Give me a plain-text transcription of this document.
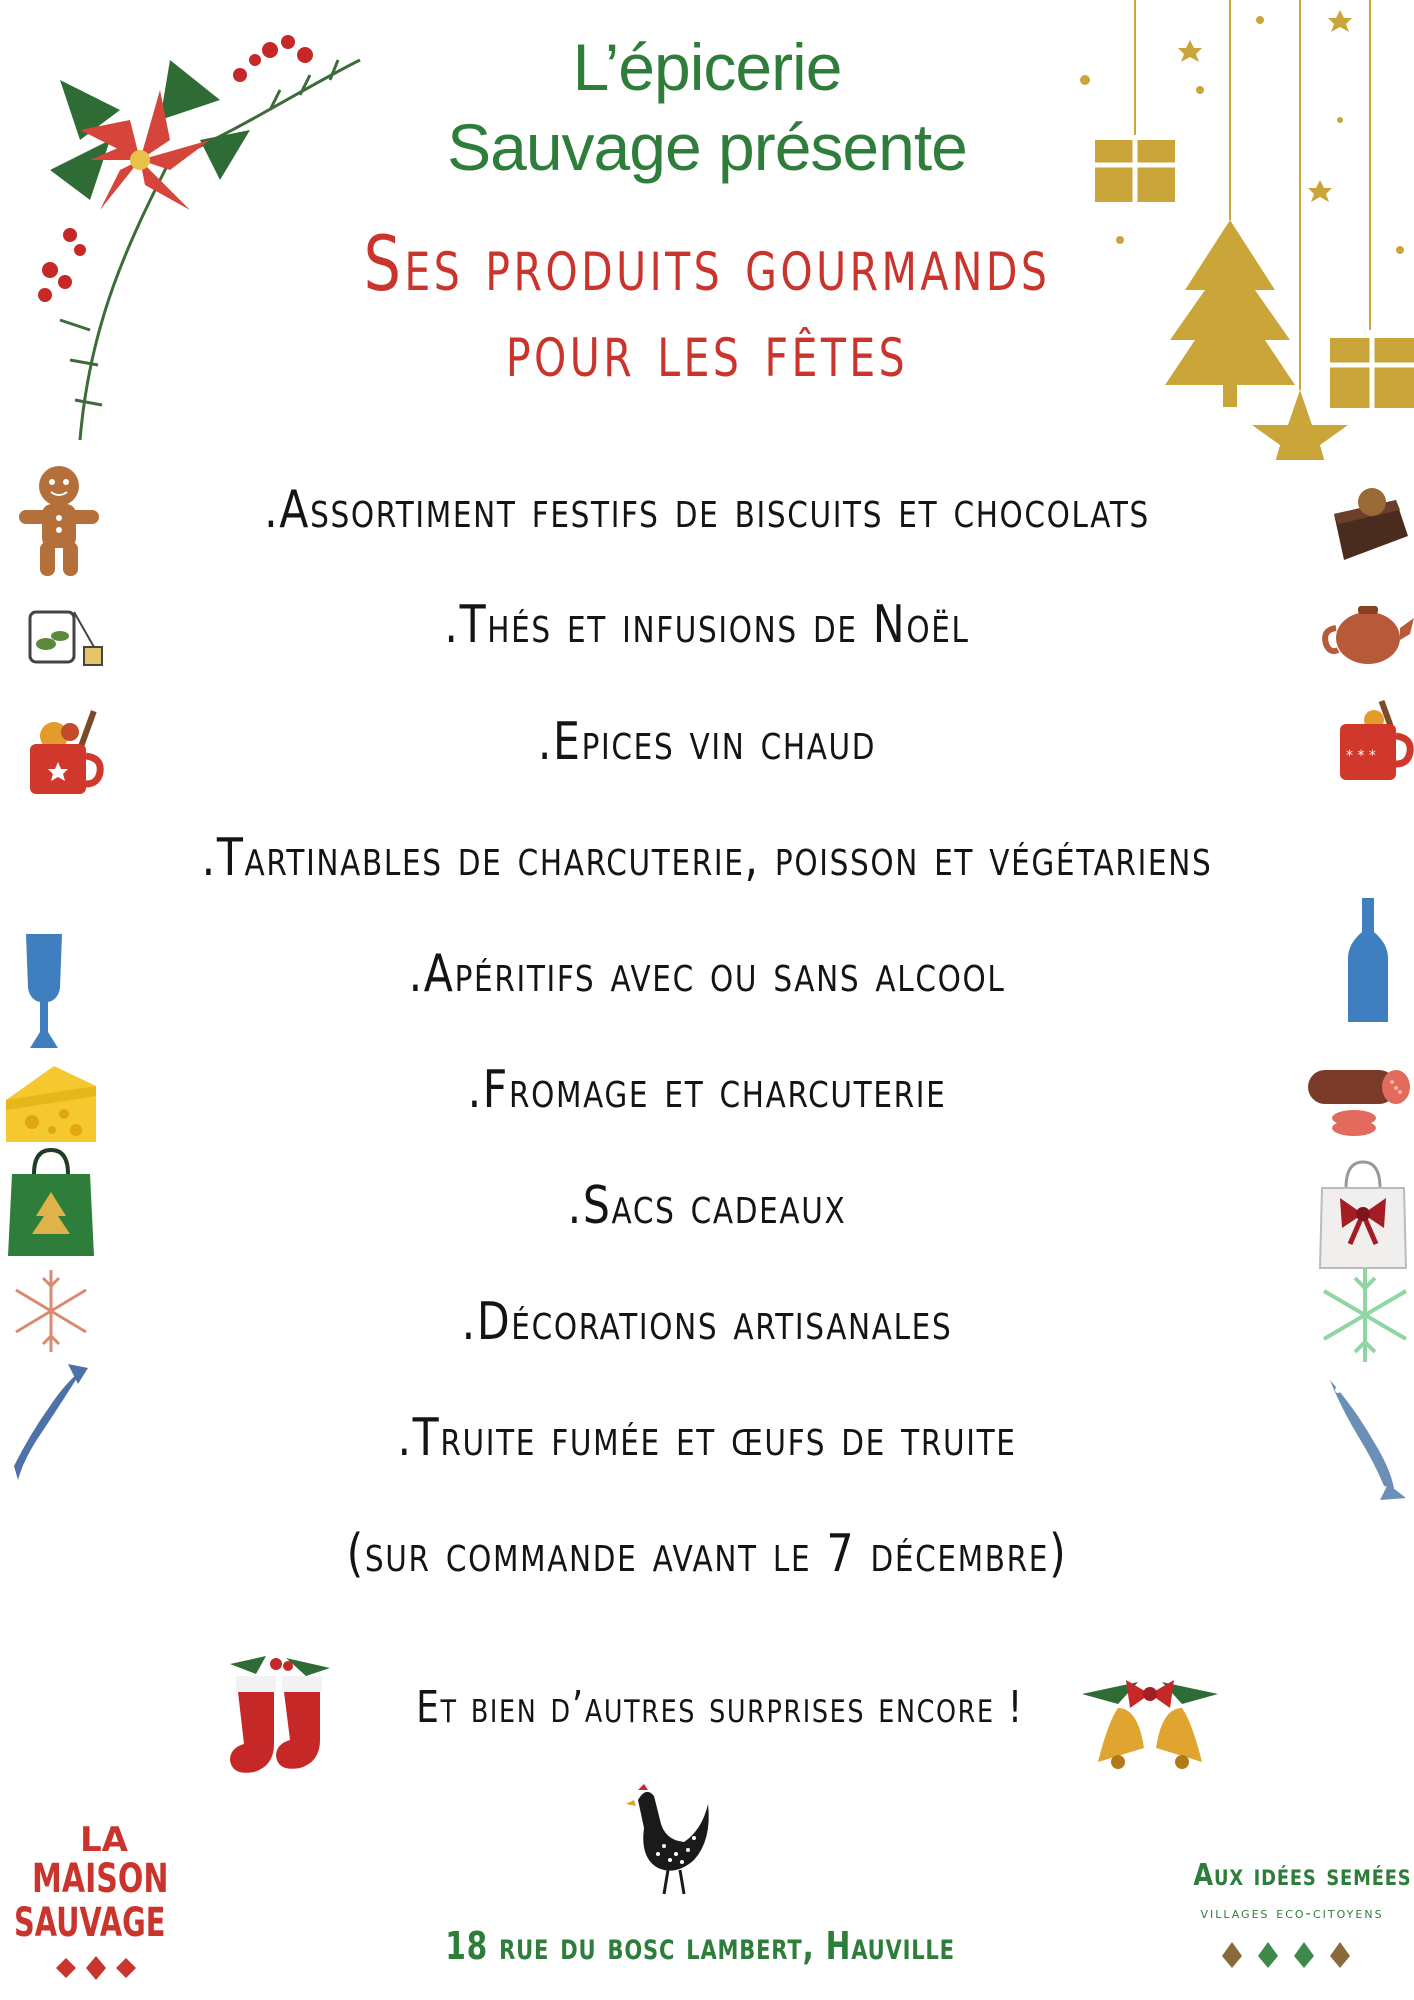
L’épicerie
Sauvage présente
Ses produits gourmands
pour les fêtes
.Assortiment festifs de biscuits et chocolats
.Thés et infusions de Noël
.Epices vin chaud
.Tartinables de charcuterie, poisson et végétariens
.Apéritifs avec ou sans alcool
.Fromage et charcuterie
.Sacs cadeaux
.Décorations artisanales
.Truite fumée et œufs de truite
(sur commande avant le 7 décembre)
* * *
Et bien d’autres surprises encore !
LA
MAISON
SAUVAGE	18 rue du bosc lambert, Hauville
Aux idées semées
villages eco-citoyens
